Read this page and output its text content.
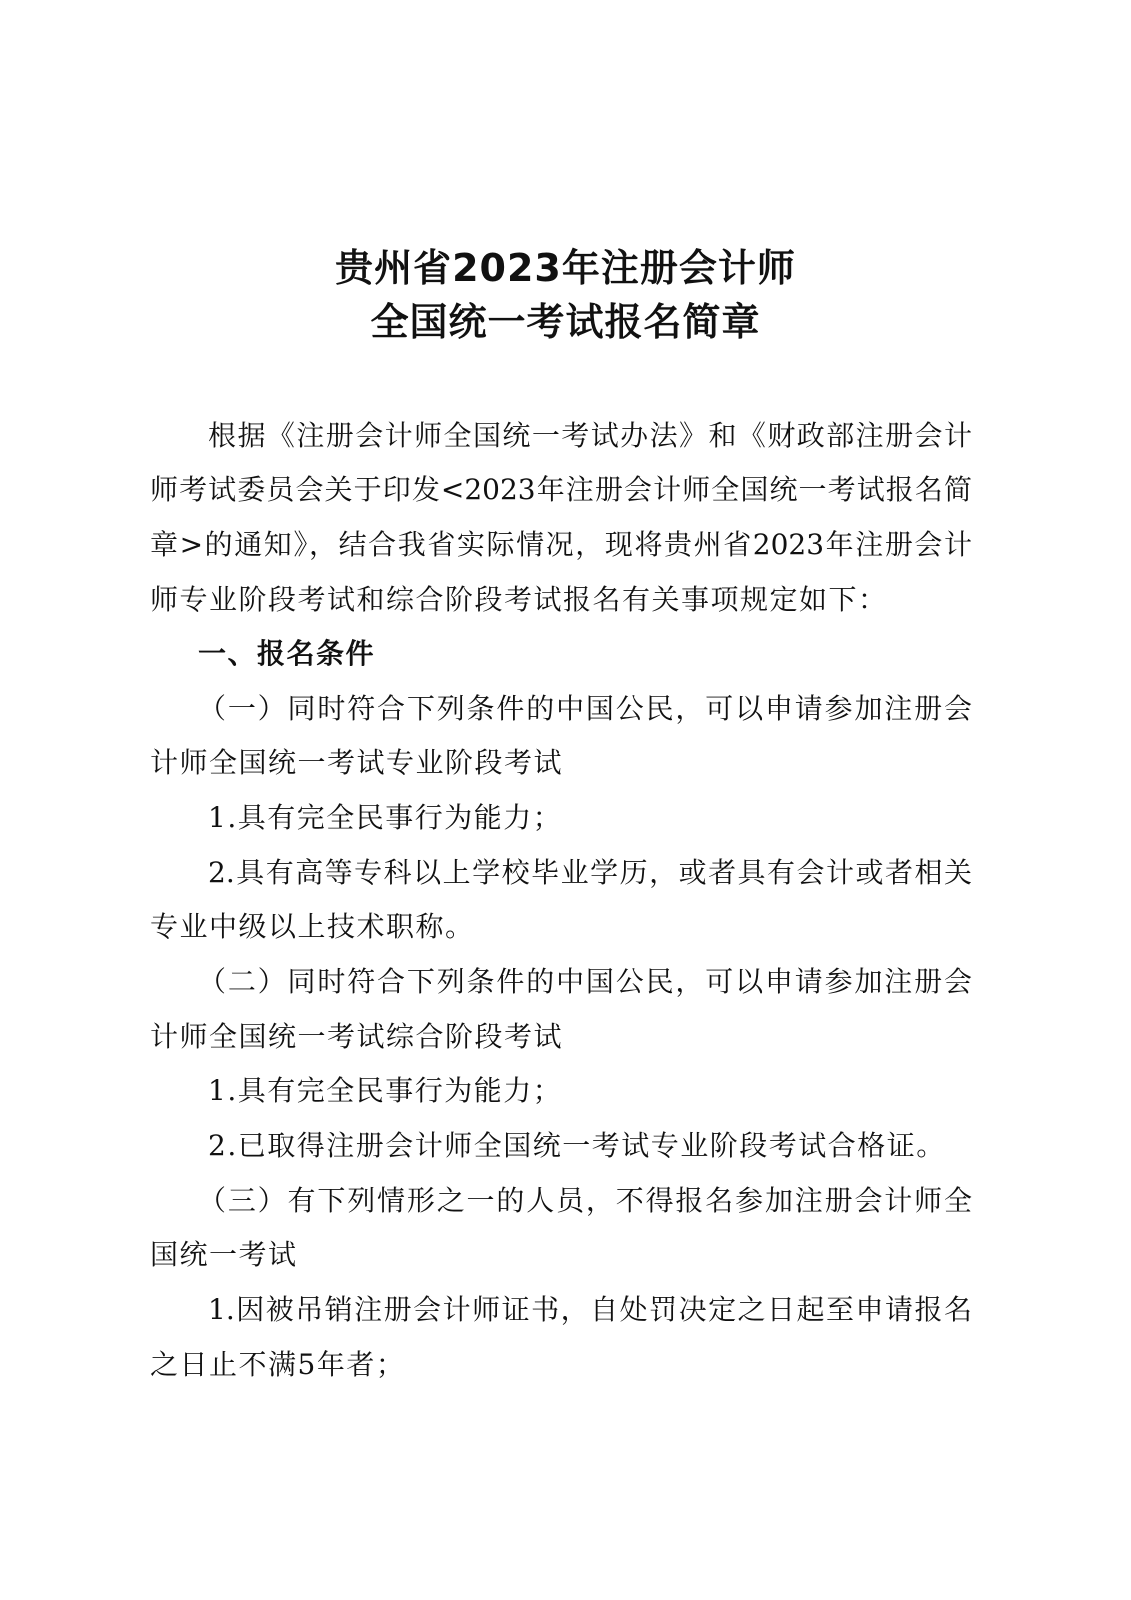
贵州省2023年注册会计师
全国统一考试报名简章
根据《注册会计师全国统一考试办法》和《财政部注册会计
师考试委员会关于印发<2023年注册会计师全国统一考试报名简
章>的通知》，结合我省实际情况，现将贵州省2023年注册会计
师专业阶段考试和综合阶段考试报名有关事项规定如下：
一、报名条件
（一）同时符合下列条件的中国公民，可以申请参加注册会
计师全国统一考试专业阶段考试
1.具有完全民事行为能力；
2.具有高等专科以上学校毕业学历，或者具有会计或者相关
专业中级以上技术职称。
（二）同时符合下列条件的中国公民，可以申请参加注册会
计师全国统一考试综合阶段考试
1.具有完全民事行为能力；
2.已取得注册会计师全国统一考试专业阶段考试合格证。
（三）有下列情形之一的人员，不得报名参加注册会计师全
国统一考试
1.因被吊销注册会计师证书，自处罚决定之日起至申请报名
之日止不满5年者；
